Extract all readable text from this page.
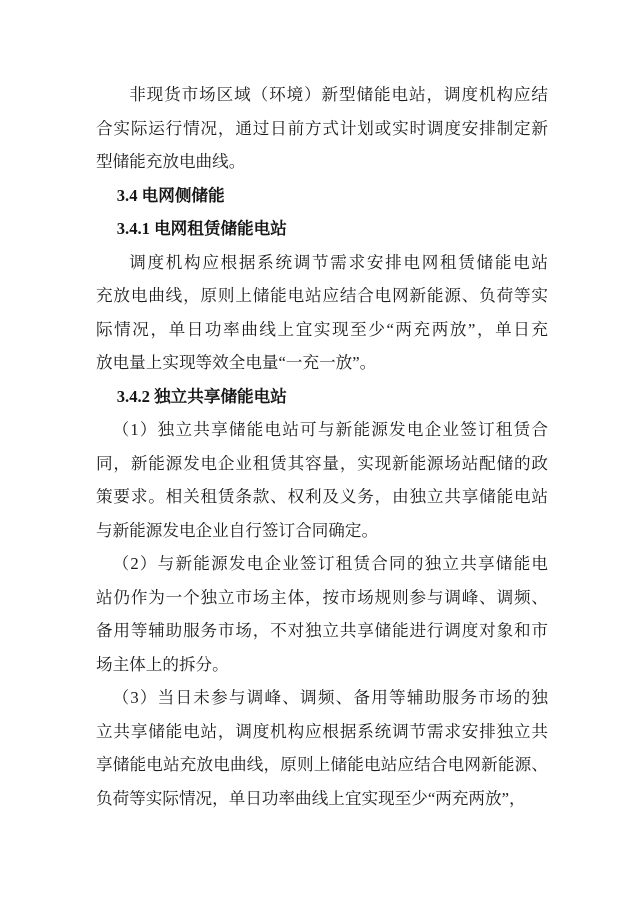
非现货市场区域（环境）新型储能电站，调度机构应结
合实际运行情况，通过日前方式计划或实时调度安排制定新
型储能充放电曲线。
3.4 电网侧储能
3.4.1 电网租赁储能电站
调度机构应根据系统调节需求安排电网租赁储能电站
充放电曲线，原则上储能电站应结合电网新能源、负荷等实
际情况，单日功率曲线上宜实现至少“两充两放”，单日充
放电量上实现等效全电量“一充一放”。
3.4.2 独立共享储能电站
（1）独立共享储能电站可与新能源发电企业签订租赁合
同，新能源发电企业租赁其容量，实现新能源场站配储的政
策要求。相关租赁条款、权利及义务，由独立共享储能电站
与新能源发电企业自行签订合同确定。
（2）与新能源发电企业签订租赁合同的独立共享储能电
站仍作为一个独立市场主体，按市场规则参与调峰、调频、
备用等辅助服务市场，不对独立共享储能进行调度对象和市
场主体上的拆分。
（3）当日未参与调峰、调频、备用等辅助服务市场的独
立共享储能电站，调度机构应根据系统调节需求安排独立共
享储能电站充放电曲线，原则上储能电站应结合电网新能源、
负荷等实际情况，单日功率曲线上宜实现至少“两充两放”，
